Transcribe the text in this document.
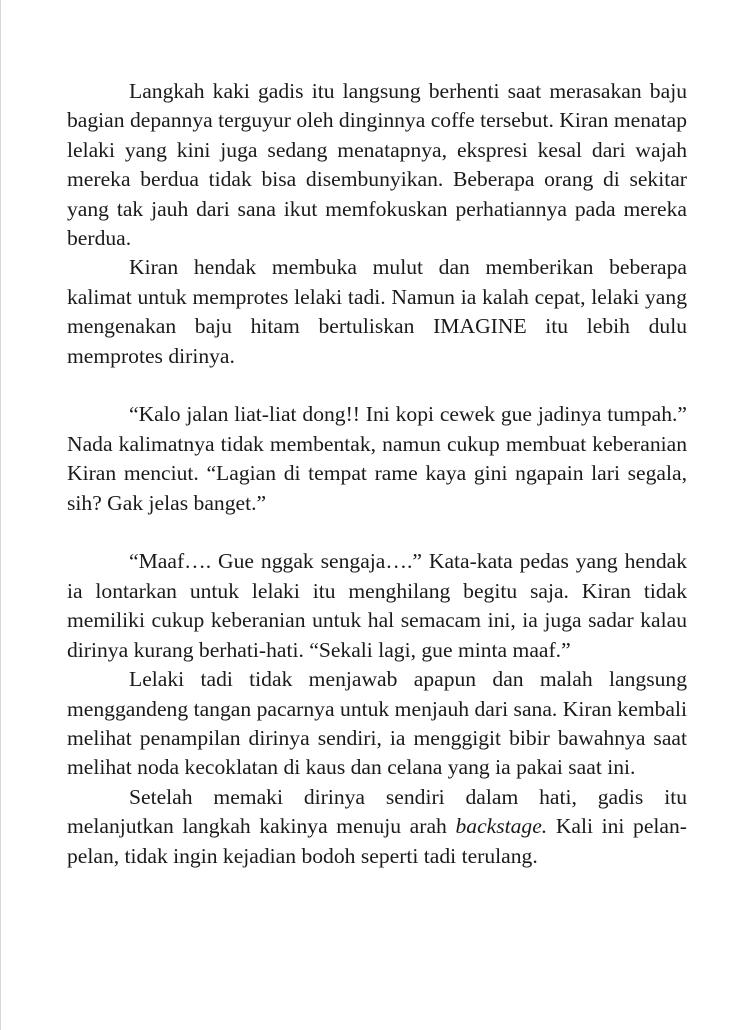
Langkah kaki gadis itu langsung berhenti saat merasakan baju bagian depannya terguyur oleh dinginnya coffe tersebut. Kiran menatap lelaki yang kini juga sedang menatapnya, ekspresi kesal dari wajah mereka berdua tidak bisa disembunyikan. Beberapa orang di sekitar yang tak jauh dari sana ikut memfokuskan perhatiannya pada mereka berdua.

Kiran hendak membuka mulut dan memberikan beberapa kalimat untuk memprotes lelaki tadi. Namun ia kalah cepat, lelaki yang mengenakan baju hitam bertuliskan IMAGINE itu lebih dulu memprotes dirinya.

“Kalo jalan liat-liat dong!! Ini kopi cewek gue jadinya tumpah.” Nada kalimatnya tidak membentak, namun cukup membuat keberanian Kiran menciut. “Lagian di tempat rame kaya gini ngapain lari segala, sih? Gak jelas banget.”

“Maaf…. Gue nggak sengaja….” Kata-kata pedas yang hendak ia lontarkan untuk lelaki itu menghilang begitu saja. Kiran tidak memiliki cukup keberanian untuk hal semacam ini, ia juga sadar kalau dirinya kurang berhati-hati. “Sekali lagi, gue minta maaf.”

Lelaki tadi tidak menjawab apapun dan malah langsung menggandeng tangan pacarnya untuk menjauh dari sana. Kiran kembali melihat penampilan dirinya sendiri, ia menggigit bibir bawahnya saat melihat noda kecoklatan di kaus dan celana yang ia pakai saat ini.

Setelah memaki dirinya sendiri dalam hati, gadis itu melanjutkan langkah kakinya menuju arah backstage. Kali ini pelan-pelan, tidak ingin kejadian bodoh seperti tadi terulang.
